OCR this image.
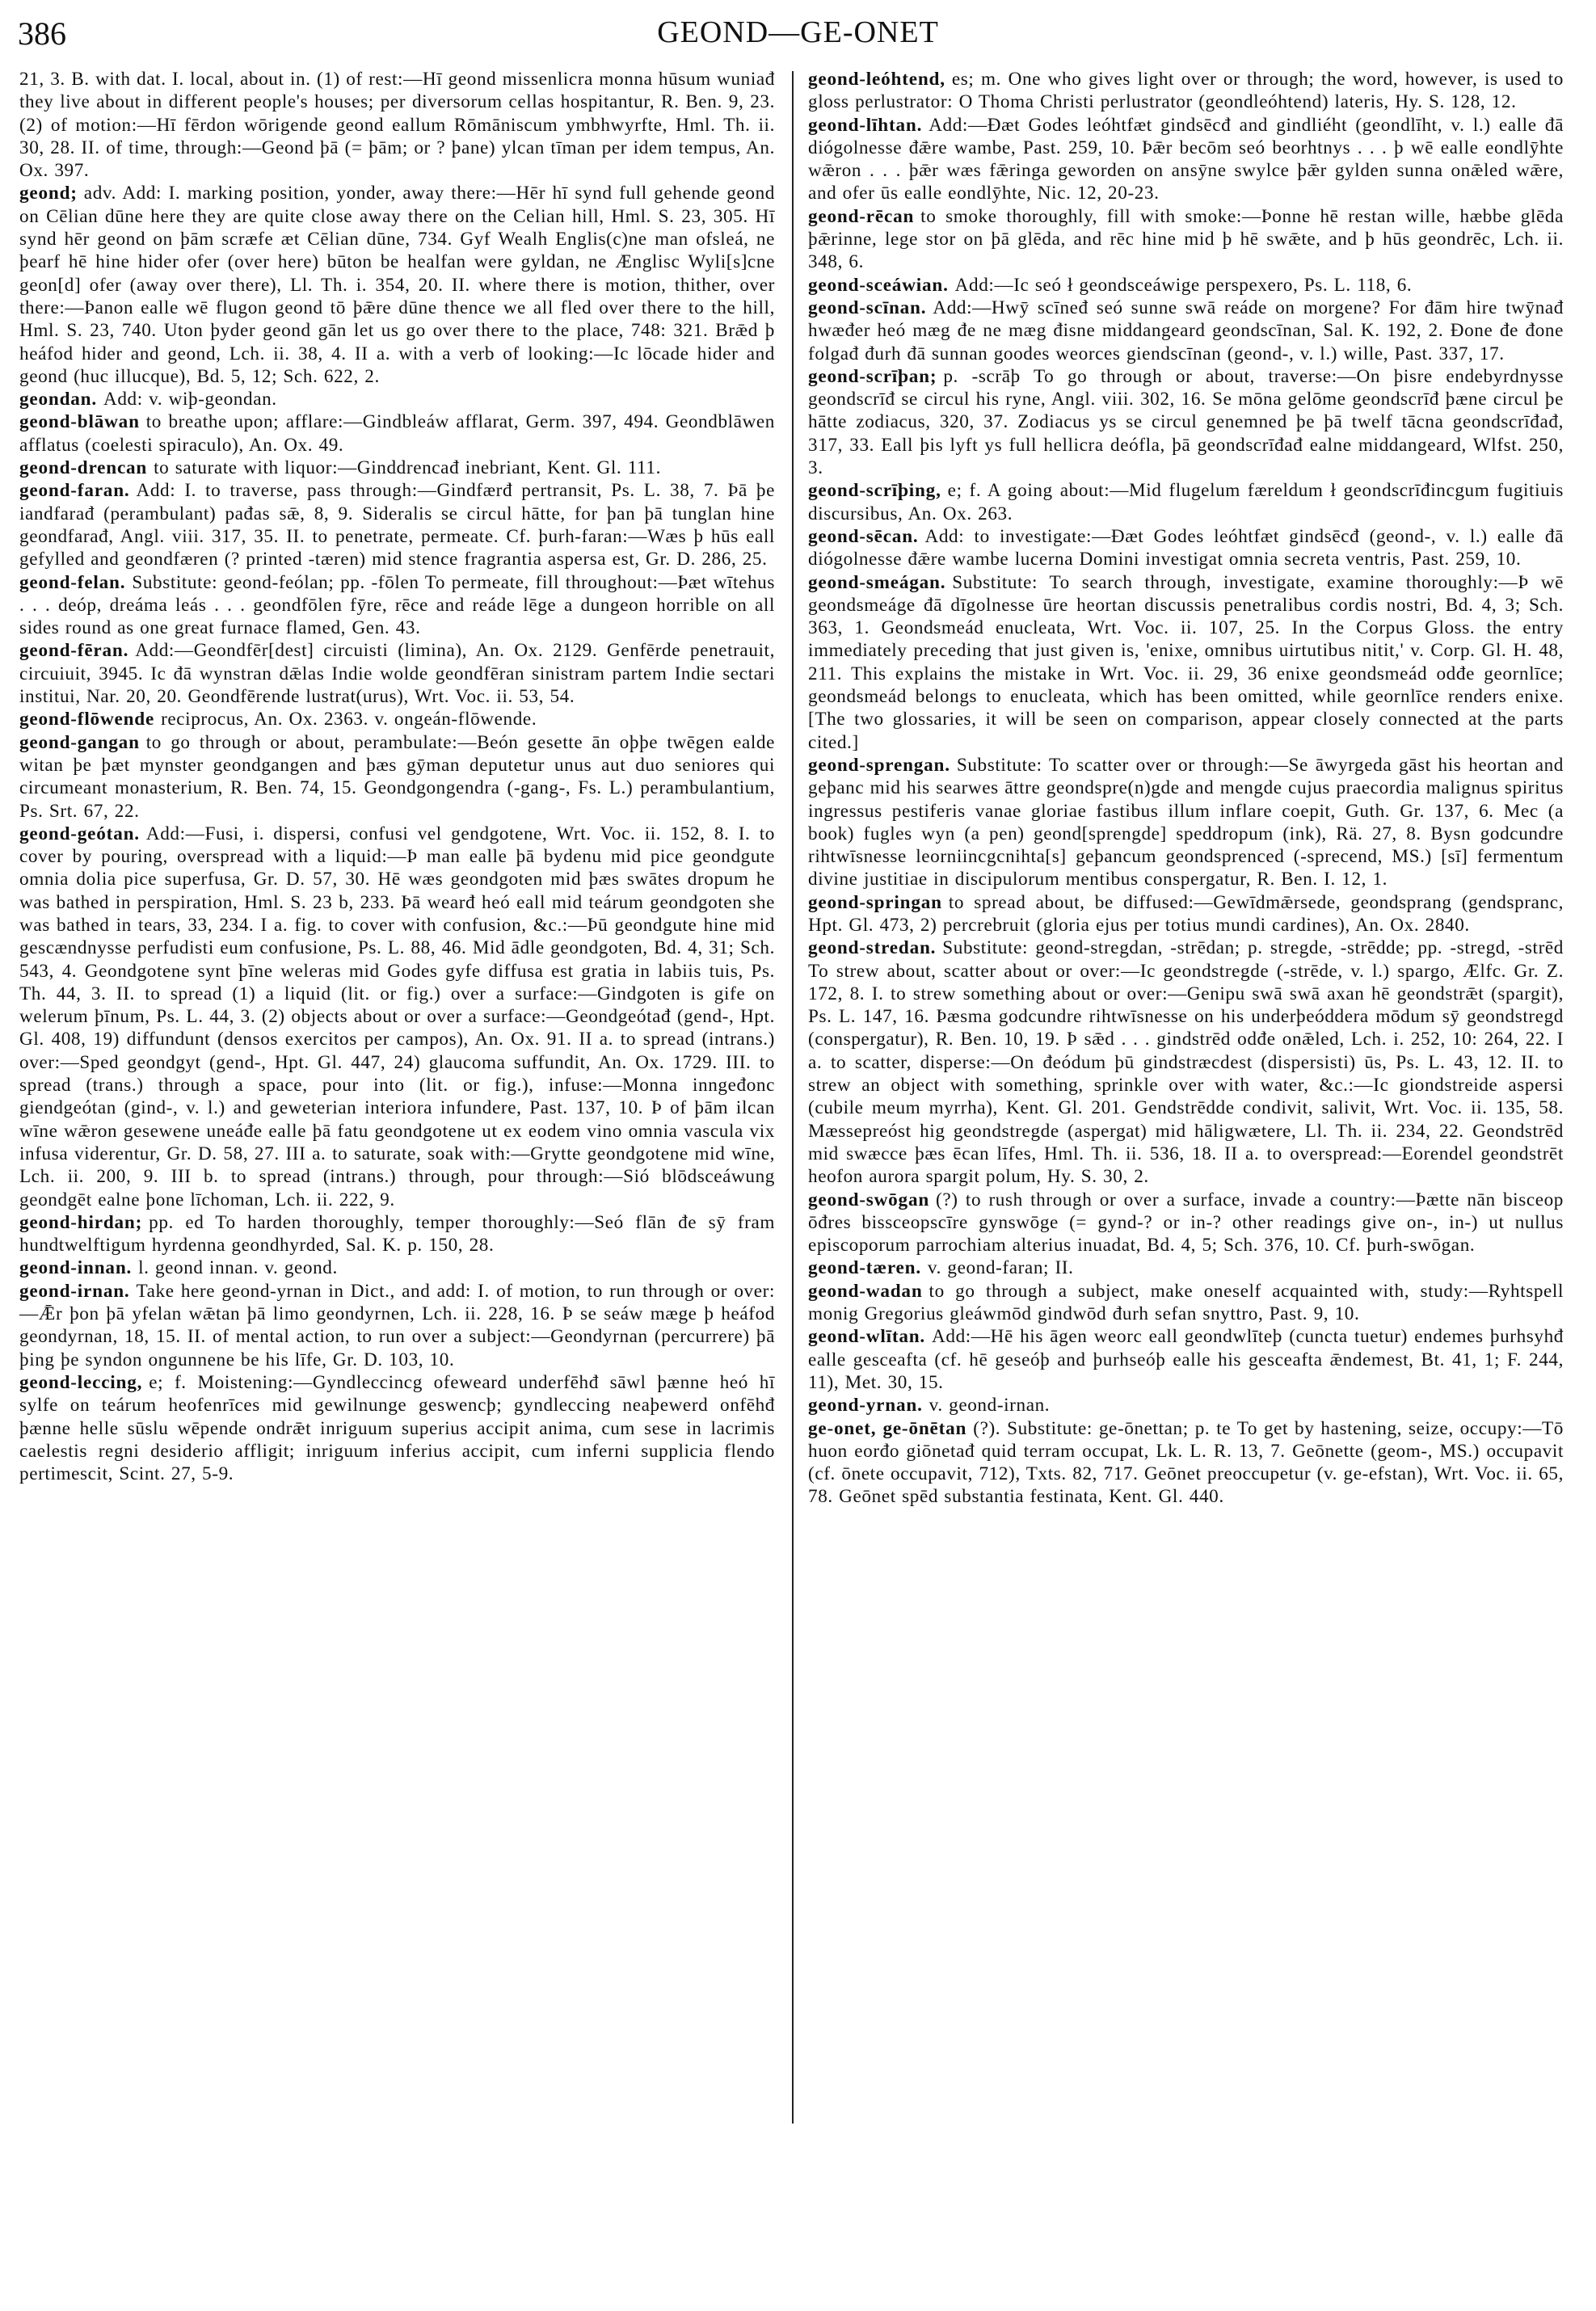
386	GEOND—GE-ONET

21, 3. B. with dat. I. local, about in. (1) of rest:—Hī geond missenlicra monna hūsum wuniađ they live about in different people's houses; per diversorum cellas hospitantur, R. Ben. 9, 23. (2) of motion:—Hī fērdon wōrigende geond eallum Rōmāniscum ymbhwyrfte, Hml. Th. ii. 30, 28. II. of time, through:—Geond þā (= þām; or ? þane) ylcan tīman per idem tempus, An. Ox. 397.

geond; adv. Add: I. marking position, yonder, away there:—Hēr hī synd full gehende geond on Cēlian dūne here they are quite close away there on the Celian hill, Hml. S. 23, 305. Hī synd hēr geond on þām scræfe æt Cēlian dūne, 734. Gyf Wealh Englis(c)ne man ofsleá, ne þearf hē hine hider ofer (over here) būton be healfan were gyldan, ne Ænglisc Wyli[s]cne geon[d] ofer (away over there), Ll. Th. i. 354, 20. II. where there is motion, thither, over there:—Þanon ealle wē flugon geond tō þǣre dūne thence we all fled over there to the hill, Hml. S. 23, 740. Uton þyder geond gān let us go over there to the place, 748: 321. Brǣd þ heáfod hider and geond, Lch. ii. 38, 4. II a. with a verb of looking:—Ic lōcade hider and geond (huc illucque), Bd. 5, 12; Sch. 622, 2.

geondan. Add: v. wiþ-geondan.

geond-blāwan to breathe upon; afflare:—Gindbleáw afflarat, Germ. 397, 494. Geondblāwen afflatus (coelesti spiraculo), An. Ox. 49.

geond-drencan to saturate with liquor:—Ginddrencađ inebriant, Kent. Gl. 111.

geond-faran. Add: I. to traverse, pass through:—Gindfærđ pertransit, Ps. L. 38, 7. Þā þe iandfarađ (perambulant) pađas sǣ, 8, 9. Sideralis se circul hātte, for þan þā tunglan hine geondfarađ, Angl. viii. 317, 35. II. to penetrate, permeate. Cf. þurh-faran:—Wæs þ hūs eall gefylled and geondfæren (? printed -tæren) mid stence fragrantia aspersa est, Gr. D. 286, 25.

geond-felan. Substitute: geond-feólan; pp. -fōlen To permeate, fill throughout:—Þæt wītehus . . . deóp, dreáma leás . . . geondfōlen fȳre, rēce and reáde lēge a dungeon horrible on all sides round as one great furnace flamed, Gen. 43.

geond-fēran. Add:—Geondfēr[dest] circuisti (limina), An. Ox. 2129. Genfērde penetrauit, circuiuit, 3945. Ic đā wynstran dǣlas Indie wolde geondfēran sinistram partem Indie sectari institui, Nar. 20, 20. Geondfērende lustrat(urus), Wrt. Voc. ii. 53, 54.

geond-flōwende reciprocus, An. Ox. 2363. v. ongeán-flōwende.

geond-gangan to go through or about, perambulate:—Beón gesette ān oþþe twēgen ealde witan þe þæt mynster geondgangen and þæs gȳman deputetur unus aut duo seniores qui circumeant monasterium, R. Ben. 74, 15. Geondgongendra (-gang-, Fs. L.) perambulantium, Ps. Srt. 67, 22.

geond-geótan. Add:—Fusi, i. dispersi, confusi vel gendgotene, Wrt. Voc. ii. 152, 8. I. to cover by pouring, overspread with a liquid:—Þ man ealle þā bydenu mid pice geondgute omnia dolia pice superfusa, Gr. D. 57, 30. Hē wæs geondgoten mid þæs swātes dropum he was bathed in perspiration, Hml. S. 23 b, 233. Þā wearđ heó eall mid teárum geondgoten she was bathed in tears, 33, 234. I a. fig. to cover with confusion, &c.:—Þū geondgute hine mid gescændnysse perfudisti eum confusione, Ps. L. 88, 46. Mid ādle geondgoten, Bd. 4, 31; Sch. 543, 4. Geondgotene synt þīne weleras mid Godes gyfe diffusa est gratia in labiis tuis, Ps. Th. 44, 3. II. to spread (1) a liquid (lit. or fig.) over a surface:—Gindgoten is gife on welerum þīnum, Ps. L. 44, 3. (2) objects about or over a surface:—Geondgeótađ (gend-, Hpt. Gl. 408, 19) diffundunt (densos exercitos per campos), An. Ox. 91. II a. to spread (intrans.) over:—Sped geondgyt (gend-, Hpt. Gl. 447, 24) glaucoma suffundit, An. Ox. 1729. III. to spread (trans.) through a space, pour into (lit. or fig.), infuse:—Monna inngeđonc giendgeótan (gind-, v. l.) and geweterian interiora infundere, Past. 137, 10. Þ of þām ilcan wīne wǣron gesewene uneáđe ealle þā fatu geondgotene ut ex eodem vino omnia vascula vix infusa viderentur, Gr. D. 58, 27. III a. to saturate, soak with:—Grytte geondgotene mid wīne, Lch. ii. 200, 9. III b. to spread (intrans.) through, pour through:—Sió blōdsceáwung geondgēt ealne þone līchoman, Lch. ii. 222, 9.

geond-hirdan; pp. ed To harden thoroughly, temper thoroughly:—Seó flān đe sȳ fram hundtwelftigum hyrdenna geondhyrded, Sal. K. p. 150, 28.

geond-innan. l. geond innan. v. geond.

geond-irnan. Take here geond-yrnan in Dict., and add: I. of motion, to run through or over:—Ǣr þon þā yfelan wǣtan þā limo geondyrnen, Lch. ii. 228, 16. Þ se seáw mæge þ heáfod geondyrnan, 18, 15. II. of mental action, to run over a subject:—Geondyrnan (percurrere) þā þing þe syndon ongunnene be his līfe, Gr. D. 103, 10.

geond-leccing, e; f. Moistening:—Gyndleccincg ofeweard underfēhđ sāwl þænne heó hī sylfe on teárum heofenrīces mid gewilnunge geswencþ; gyndleccing neaþewerd onfēhđ þænne helle sūslu wēpende ondrǣt inriguum superius accipit anima, cum sese in lacrimis caelestis regni desiderio affligit; inriguum inferius accipit, cum inferni supplicia flendo pertimescit, Scint. 27, 5-9.

geond-leóhtend, es; m. One who gives light over or through; the word, however, is used to gloss perlustrator: O Thoma Christi perlustrator (geondleóhtend) lateris, Hy. S. 128, 12.

geond-līhtan. Add:—Ðæt Godes leóhtfæt gindsēcđ and gindliéht (geondlīht, v. l.) ealle đā diógolnesse đǣre wambe, Past. 259, 10. Þǣr becōm seó beorhtnys . . . þ wē ealle eondlȳhte wǣron . . . þǣr wæs fǣringa geworden on ansȳne swylce þǣr gylden sunna onǣled wǣre, and ofer ūs ealle eondlȳhte, Nic. 12, 20-23.

geond-rēcan to smoke thoroughly, fill with smoke:—Þonne hē restan wille, hæbbe glēda þǣrinne, lege stor on þā glēda, and rēc hine mid þ hē swǣte, and þ hūs geondrēc, Lch. ii. 348, 6.

geond-sceáwian. Add:—Ic seó ł geondsceáwige perspexero, Ps. L. 118, 6.

geond-scīnan. Add:—Hwȳ scīneđ seó sunne swā reáde on morgene? For đām hire twȳnađ hwæđer heó mæg đe ne mæg đisne middangeard geondscīnan, Sal. K. 192, 2. Ðone đe đone folgađ đurh đā sunnan goodes weorces giendscīnan (geond-, v. l.) wille, Past. 337, 17.

geond-scrīþan; p. -scrāþ To go through or about, traverse:—On þisre endebyrdnysse geondscrīđ se circul his ryne, Angl. viii. 302, 16. Se mōna gelōme geondscrīđ þæne circul þe hātte zodiacus, 320, 37. Zodiacus ys se circul genemned þe þā twelf tācna geondscrīđađ, 317, 33. Eall þis lyft ys full hellicra deófla, þā geondscrīđađ ealne middangeard, Wlfst. 250, 3.

geond-scrīþing, e; f. A going about:—Mid flugelum færeldum ł geondscrīđincgum fugitiuis discursibus, An. Ox. 263.

geond-sēcan. Add: to investigate:—Ðæt Godes leóhtfæt gindsēcđ (geond-, v. l.) ealle đā diógolnesse đǣre wambe lucerna Domini investigat omnia secreta ventris, Past. 259, 10.

geond-smeágan. Substitute: To search through, investigate, examine thoroughly:—Þ wē geondsmeáge đā dīgolnesse ūre heortan discussis penetralibus cordis nostri, Bd. 4, 3; Sch. 363, 1. Geondsmeád enucleata, Wrt. Voc. ii. 107, 25. In the Corpus Gloss. the entry immediately preceding that just given is, 'enixe, omnibus uirtutibus nitit,' v. Corp. Gl. H. 48, 211. This explains the mistake in Wrt. Voc. ii. 29, 36 enixe geondsmeád odđe geornlīce; geondsmeád belongs to enucleata, which has been omitted, while geornlīce renders enixe. [The two glossaries, it will be seen on comparison, appear closely connected at the parts cited.]

geond-sprengan. Substitute: To scatter over or through:—Se āwyrgeda gāst his heortan and geþanc mid his searwes āttre geondspre(n)gde and mengde cujus praecordia malignus spiritus ingressus pestiferis vanae gloriae fastibus illum inflare coepit, Guth. Gr. 137, 6. Mec (a book) fugles wyn (a pen) geond[sprengde] speddropum (ink), Rä. 27, 8. Bysn godcundre rihtwīsnesse leorniincgcnihta[s] geþancum geondsprenced (-sprecend, MS.) [sī] fermentum divine justitiae in discipulorum mentibus conspergatur, R. Ben. I. 12, 1.

geond-springan to spread about, be diffused:—Gewīdmǣrsede, geondsprang (gendspranc, Hpt. Gl. 473, 2) percrebruit (gloria ejus per totius mundi cardines), An. Ox. 2840.

geond-stredan. Substitute: geond-stregdan, -strēdan; p. stregde, -strēdde; pp. -stregd, -strēd To strew about, scatter about or over:—Ic geondstregde (-strēde, v. l.) spargo, Ælfc. Gr. Z. 172, 8. I. to strew something about or over:—Genipu swā swā axan hē geondstrǣt (spargit), Ps. L. 147, 16. Þæsma godcundre rihtwīsnesse on his underþeóddera mōdum sȳ geondstregd (conspergatur), R. Ben. 10, 19. Þ sǣd . . . gindstrēd odđe onǣled, Lch. i. 252, 10: 264, 22. I a. to scatter, disperse:—On đeódum þū gindstræcdest (dispersisti) ūs, Ps. L. 43, 12. II. to strew an object with something, sprinkle over with water, &c.:—Ic giondstreide aspersi (cubile meum myrrha), Kent. Gl. 201. Gendstrēdde condivit, salivit, Wrt. Voc. ii. 135, 58. Mæssepreóst hig geondstregde (aspergat) mid hāligwætere, Ll. Th. ii. 234, 22. Geondstrēd mid swæcce þæs ēcan līfes, Hml. Th. ii. 536, 18. II a. to overspread:—Eorendel geondstrēt heofon aurora spargit polum, Hy. S. 30, 2.

geond-swōgan (?) to rush through or over a surface, invade a country:—Þætte nān bisceop ōđres bissceopscīre gynswōge (= gynd-? or in-? other readings give on-, in-) ut nullus episcoporum parrochiam alterius inuadat, Bd. 4, 5; Sch. 376, 10. Cf. þurh-swōgan.

geond-tæren. v. geond-faran; II.

geond-wadan to go through a subject, make oneself acquainted with, study:—Ryhtspell monig Gregorius gleáwmōd gindwōd đurh sefan snyttro, Past. 9, 10.

geond-wlītan. Add:—Hē his āgen weorc eall geondwlīteþ (cuncta tuetur) endemes þurhsyhđ ealle gesceafta (cf. hē geseóþ and þurhseóþ ealle his gesceafta ǣndemest, Bt. 41, 1; F. 244, 11), Met. 30, 15.

geond-yrnan. v. geond-irnan.

ge-onet, ge-ōnētan (?). Substitute: ge-ōnettan; p. te To get by hastening, seize, occupy:—Tō huon eorđo giōnetađ quid terram occupat, Lk. L. R. 13, 7. Geōnette (geom-, MS.) occupavit (cf. ōnete occupavit, 712), Txts. 82, 717. Geōnet preoccupetur (v. ge-efstan), Wrt. Voc. ii. 65, 78. Geōnet spēd substantia festinata, Kent. Gl. 440.
